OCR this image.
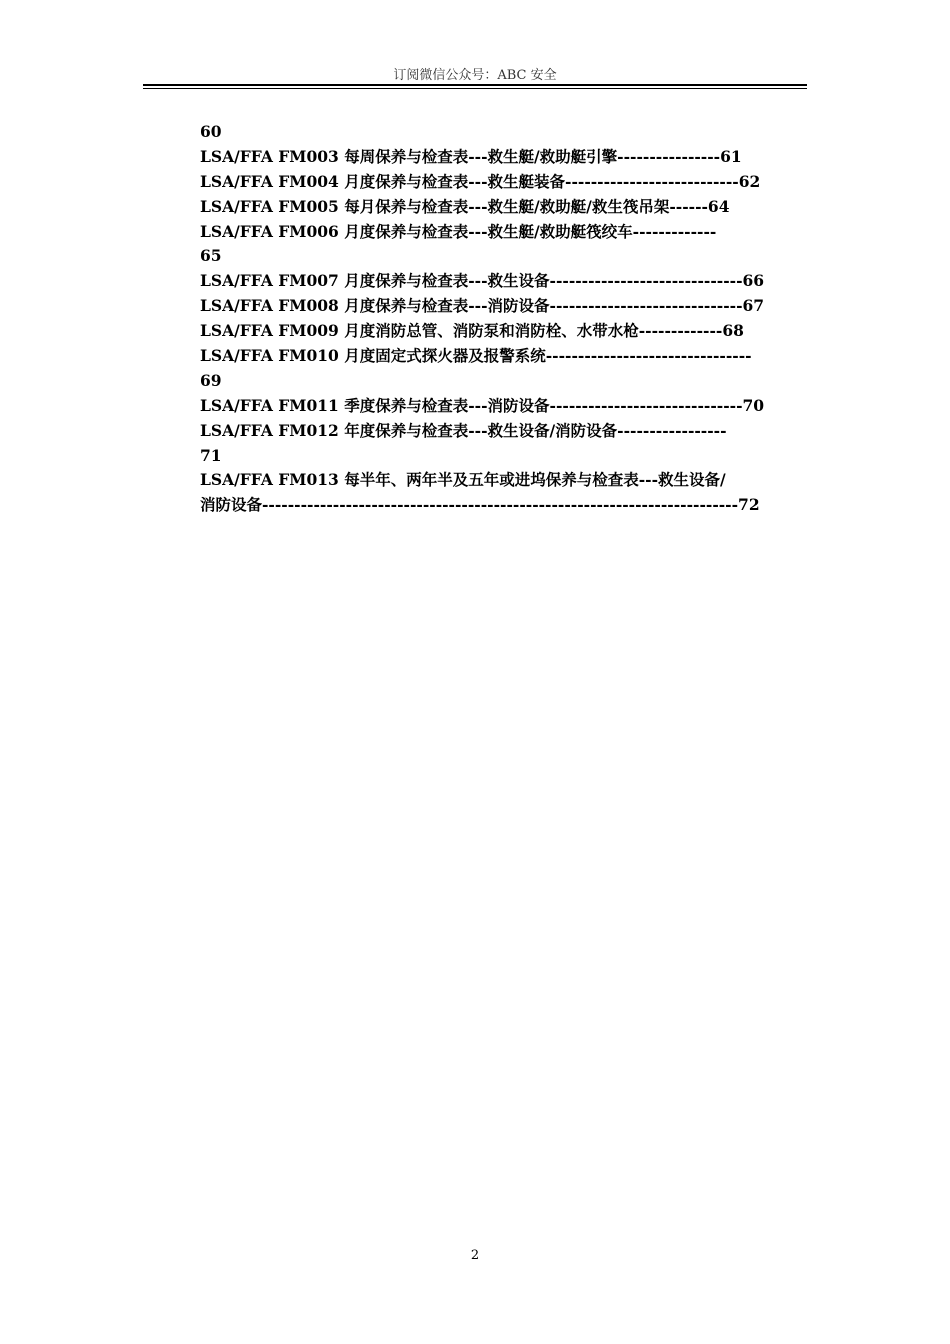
订阅微信公众号：ABC 安全
60
LSA/FFA FM003 每周保养与检查表---救生艇/救助艇引擎----------------61
LSA/FFA FM004 月度保养与检查表---救生艇装备---------------------------62
LSA/FFA FM005 每月保养与检查表---救生艇/救助艇/救生筏吊架------64
LSA/FFA FM006 月度保养与检查表---救生艇/救助艇筏绞车-------------
65
LSA/FFA FM007 月度保养与检查表---救生设备------------------------------66
LSA/FFA FM008 月度保养与检查表---消防设备------------------------------67
LSA/FFA FM009 月度消防总管、消防泵和消防栓、水带水枪-------------68
LSA/FFA FM010 月度固定式探火器及报警系统--------------------------------
69
LSA/FFA FM011 季度保养与检查表---消防设备------------------------------70
LSA/FFA FM012 年度保养与检查表---救生设备/消防设备-----------------
71
LSA/FFA FM013 每半年、两年半及五年或进坞保养与检查表---救生设备/
消防设备--------------------------------------------------------------------------72
2
